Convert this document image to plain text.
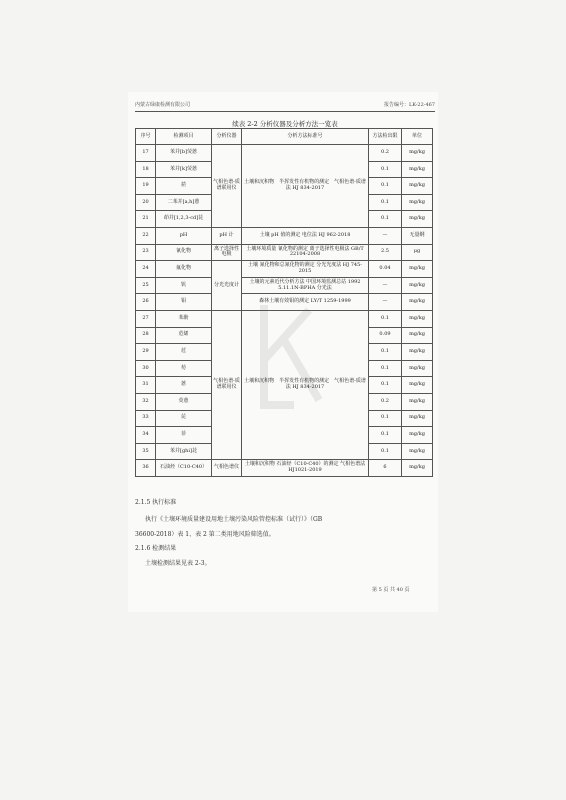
内蒙古绿康检测有限公司	报告编号：LK-22-467
续表 2-2 分析仪器及分析方法一览表
序号	检测项目	分析仪器	分析方法标准号	方法检出限	单位
17	苯并[b]荧蒽	气相色谱-质谱联用仪	土壤和沉积物　半挥发性有机物的测定　气相色谱-质谱法 HJ 834-2017	0.2	mg/kg
18	苯并[k]荧蒽			0.1	mg/kg
19	䓛			0.1	mg/kg
20	二苯并[a,h]蒽			0.1	mg/kg
21	茚并[1,2,3-cd]芘			0.1	mg/kg
22	pH	pH 计	土壤 pH 值的测定 电位法 HJ 962-2018	—	无量纲
23	氰化物	离子选择性电极	土壤环境质量 氰化物的测定 离子选择性电极法 GB/T 22104-2008	2.5	μg
24	氟化物	分光光度计	土壤 氰化物和总氰化物的测定 分光光度法 HJ 745-2015	0.04	mg/kg
25	钒		土壤的元素近代分析方法 中国环境监测总站 1992 5.11.1N-BPHA 分光法	—	mg/kg
26	钼		森林土壤有效钼的测定 LY/T 1259-1999	—	mg/kg
27	苯酚	气相色谱-质谱联用仪	土壤和沉积物　半挥发性有机物的测定　气相色谱-质谱法 HJ 834-2017	0.1	mg/kg
28	苊烯			0.09	mg/kg
29	苊			0.1	mg/kg
30	芴			0.1	mg/kg
31	蒽			0.1	mg/kg
32	荧蒽			0.2	mg/kg
33	芘			0.1	mg/kg
34	菲			0.1	mg/kg
35	苯并[ghi]苝			0.1	mg/kg
36	石油烃（C10-C40）	气相色谱仪	土壤和沉积物 石油烃（C10-C40）的测定 气相色谱法 HJ1021-2019	6	mg/kg
2.1.5 执行标准
执行《土壤环境质量建设用地土壤污染风险管控标准（试行）》（GB
36600-2018）表 1、表 2 第二类用地风险筛选值。
2.1.6 检测结果
土壤检测结果见表 2-3。
第 5 页 共 40 页
